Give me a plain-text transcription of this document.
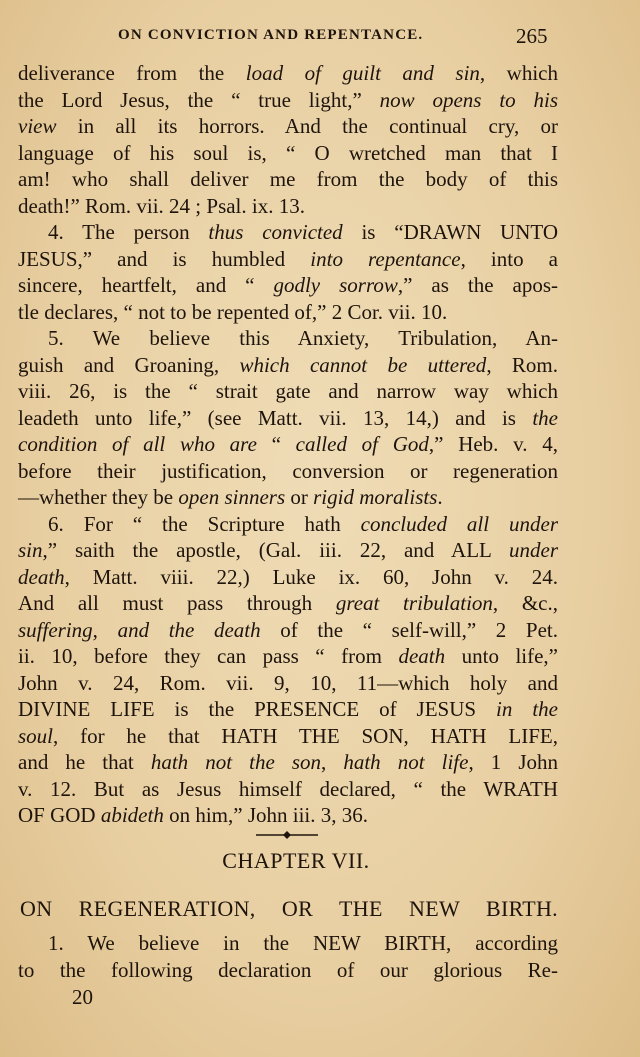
ON CONVICTION AND REPENTANCE.	265
deliverance from the load of guilt and sin, which
the Lord Jesus, the “ true light,” now opens to his
view in all its horrors. And the continual cry, or
language of his soul is, “ O wretched man that I
am! who shall deliver me from the body of this
death!” Rom. vii. 24 ; Psal. ix. 13.
4. The person thus convicted is “DRAWN UNTO
JESUS,” and is humbled into repentance, into a
sincere, heartfelt, and “ godly sorrow,” as the apos-
tle declares, “ not to be repented of,” 2 Cor. vii. 10.
5. We believe this Anxiety, Tribulation, An-
guish and Groaning, which cannot be uttered, Rom.
viii. 26, is the “ strait gate and narrow way which
leadeth unto life,” (see Matt. vii. 13, 14,) and is the
condition of all who are “ called of God,” Heb. v. 4,
before their justification, conversion or regeneration
—whether they be open sinners or rigid moralists.
6. For “ the Scripture hath concluded all under
sin,” saith the apostle, (Gal. iii. 22, and ALL under
death, Matt. viii. 22,) Luke ix. 60, John v. 24.
And all must pass through great tribulation, &c.,
suffering, and the death of the “ self-will,” 2 Pet.
ii. 10, before they can pass “ from death unto life,”
John v. 24, Rom. vii. 9, 10, 11—which holy and
DIVINE LIFE is the PRESENCE of JESUS in the
soul, for he that HATH THE SON, HATH LIFE,
and he that hath not the son, hath not life, 1 John
v. 12. But as Jesus himself declared, “ the WRATH
OF GOD abideth on him,” John iii. 3, 36.
CHAPTER VII.
ON REGENERATION, OR THE NEW BIRTH.
1. We believe in the NEW BIRTH, according
to the following declaration of our glorious Re-
20
